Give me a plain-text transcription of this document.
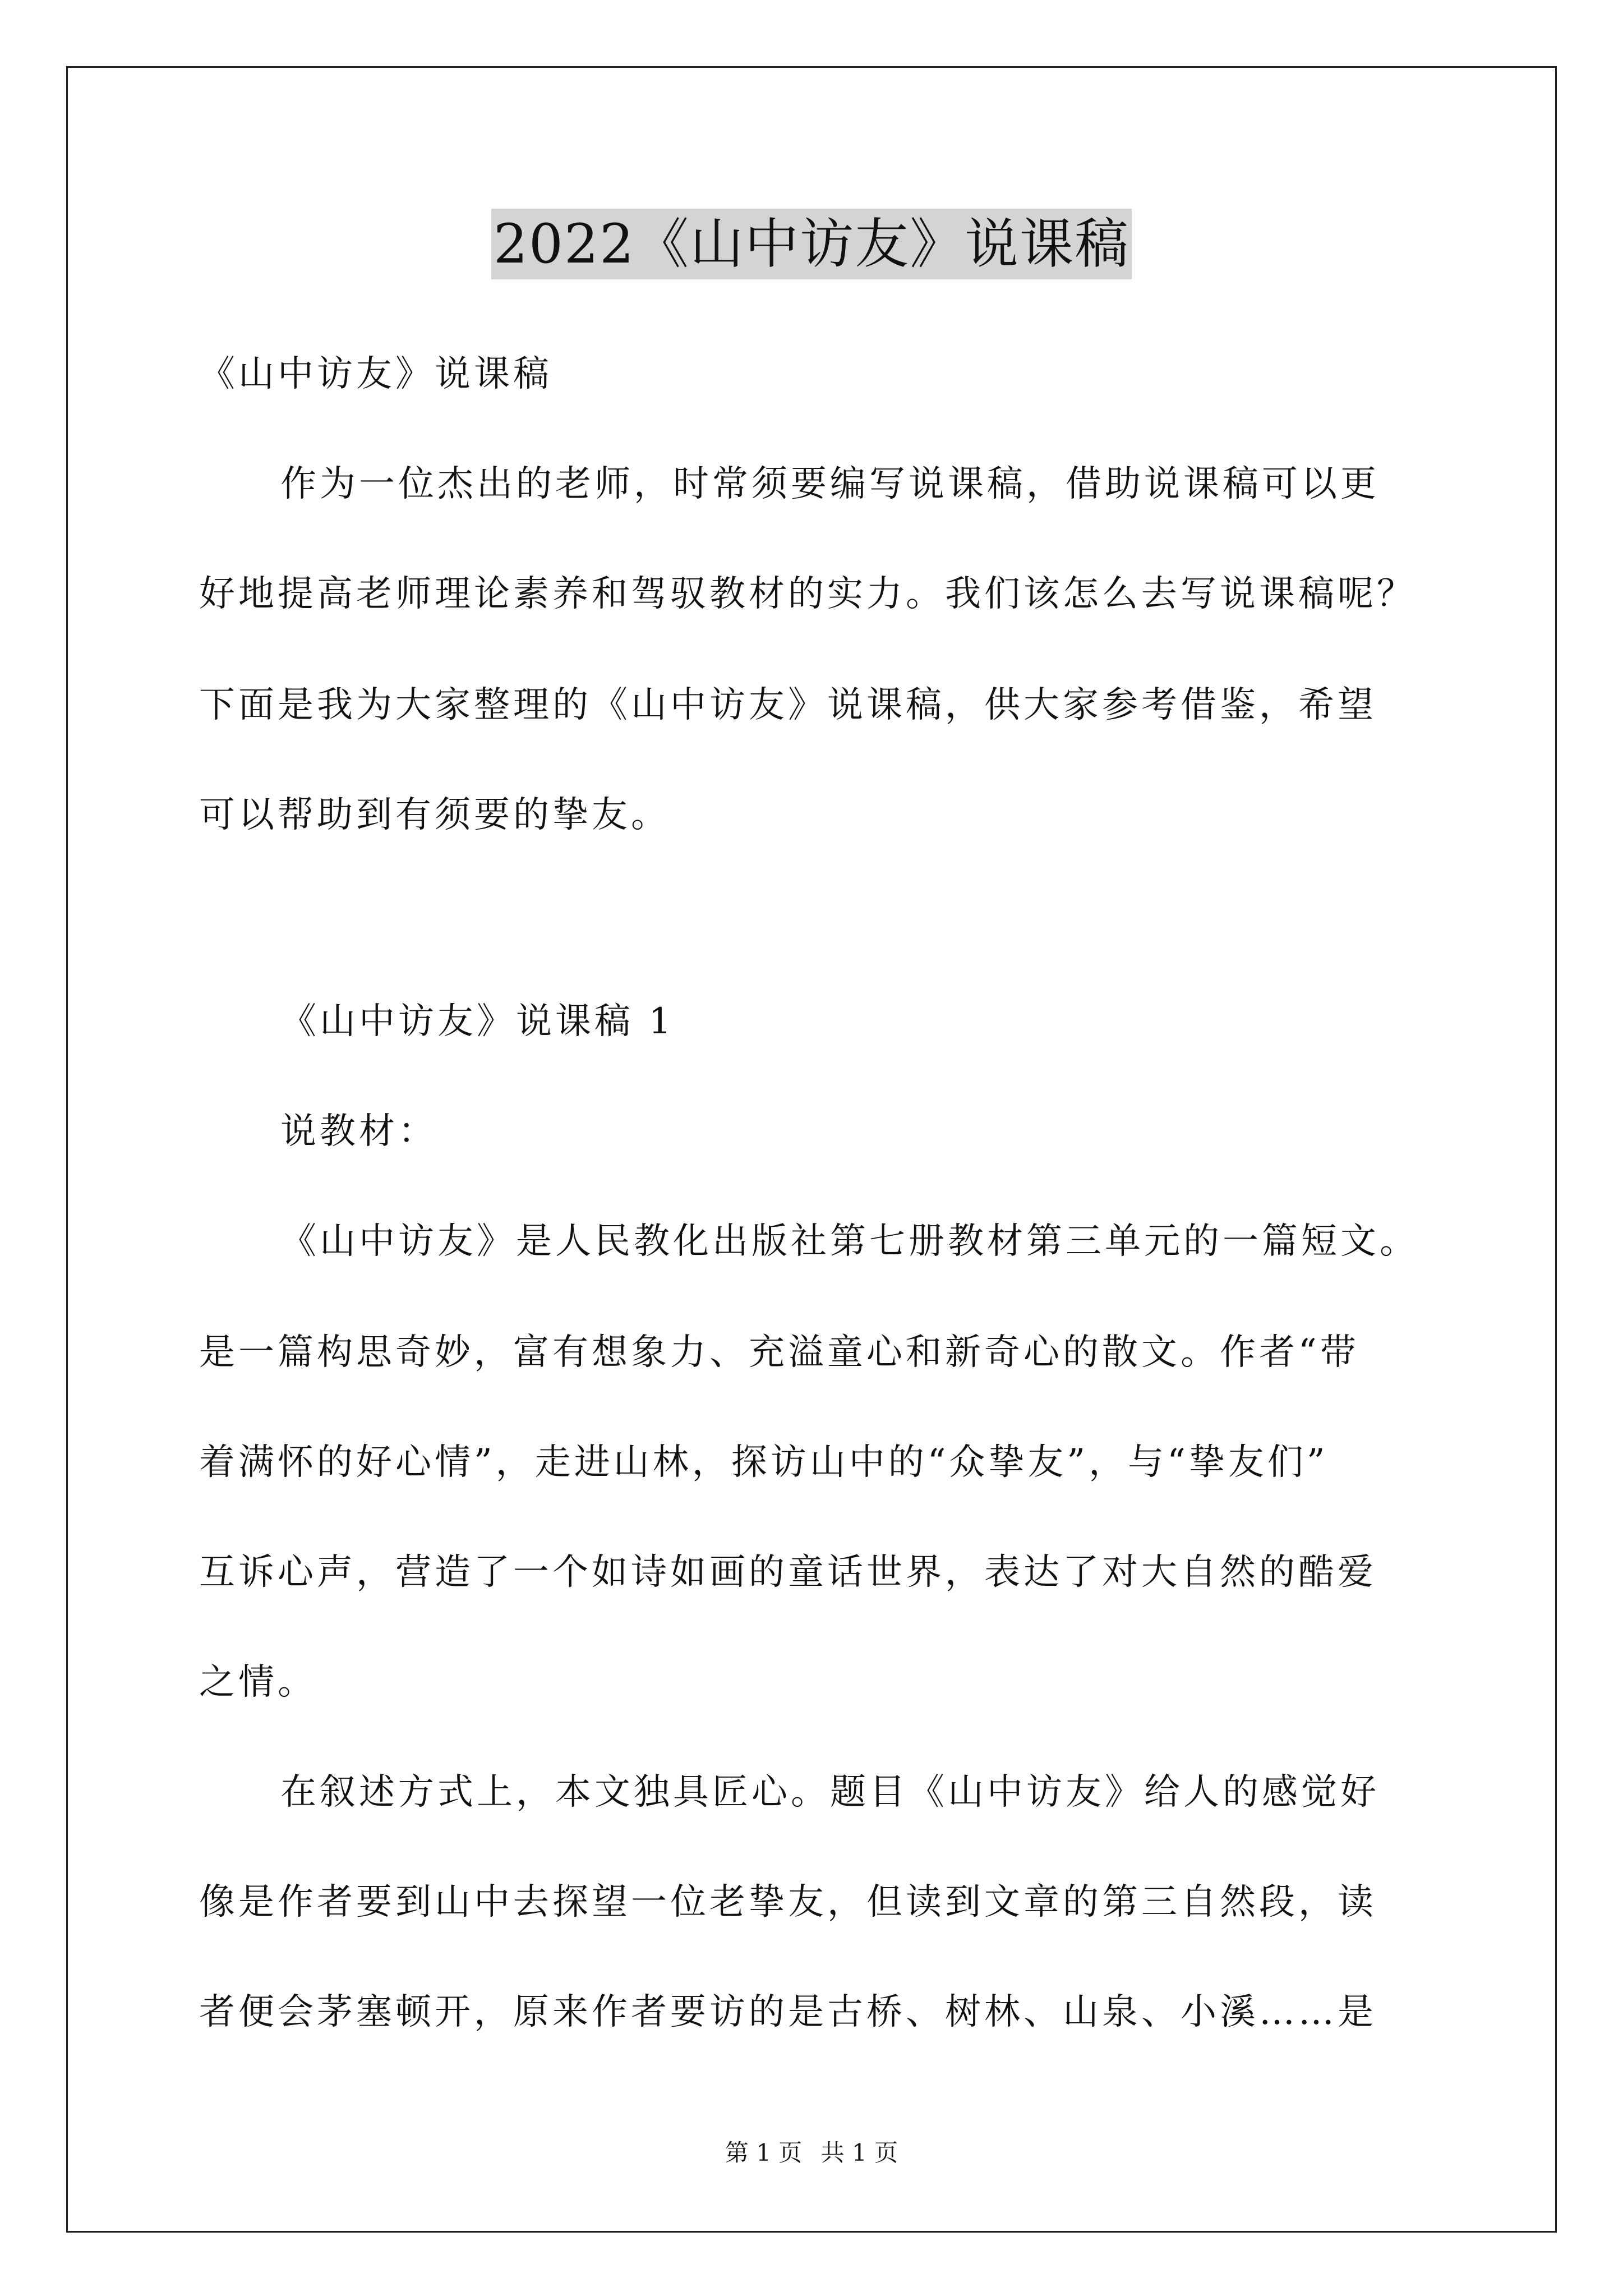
2022《山中访友》说课稿
《山中访友》说课稿
作为一位杰出的老师，时常须要编写说课稿，借助说课稿可以更
好地提高老师理论素养和驾驭教材的实力。我们该怎么去写说课稿呢？
下面是我为大家整理的《山中访友》说课稿，供大家参考借鉴，希望
可以帮助到有须要的挚友。
《山中访友》说课稿 1
说教材：
《山中访友》是人民教化出版社第七册教材第三单元的一篇短文。
是一篇构思奇妙，富有想象力、充溢童心和新奇心的散文。作者“带
着满怀的好心情”，走进山林，探访山中的“众挚友”，与“挚友们”
互诉心声，营造了一个如诗如画的童话世界，表达了对大自然的酷爱
之情。
在叙述方式上，本文独具匠心。题目《山中访友》给人的感觉好
像是作者要到山中去探望一位老挚友，但读到文章的第三自然段，读
者便会茅塞顿开，原来作者要访的是古桥、树林、山泉、小溪……是
第 1 页 共 1 页
